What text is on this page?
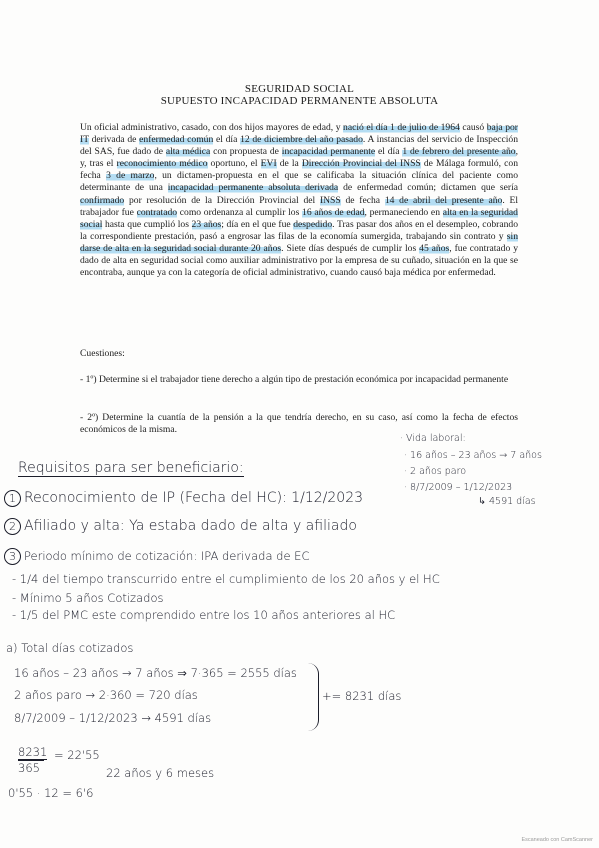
SEGURIDAD SOCIAL
SUPUESTO INCAPACIDAD PERMANENTE ABSOLUTA
Un oficial administrativo, casado, con dos hijos mayores de edad, y nació el día 1 de julio de 1964 causó baja por IT derivada de enfermedad común el día 12 de diciembre del año pasado. A instancias del servicio de Inspección del SAS, fue dado de alta médica con propuesta de incapacidad permanente el día 1 de febrero del presente año, y, tras el reconocimiento médico oportuno, el EVI de la Dirección Provincial del INSS de Málaga formuló, con fecha 3 de marzo, un dictamen-propuesta en el que se calificaba la situación clínica del paciente como determinante de una incapacidad permanente absoluta derivada de enfermedad común; dictamen que sería confirmado por resolución de la Dirección Provincial del INSS de fecha 14 de abril del presente año. El trabajador fue contratado como ordenanza al cumplir los 16 años de edad, permaneciendo en alta en la seguridad social hasta que cumplió los 23 años; día en el que fue despedido. Tras pasar dos años en el desempleo, cobrando la correspondiente prestación, pasó a engrosar las filas de la economía sumergida, trabajando sin contrato y sin darse de alta en la seguridad social durante 20 años. Siete días después de cumplir los 45 años, fue contratado y dado de alta en seguridad social como auxiliar administrativo por la empresa de su cuñado, situación en la que se encontraba, aunque ya con la categoría de oficial administrativo, cuando causó baja médica por enfermedad.
Cuestiones:
- 1º) Determine si el trabajador tiene derecho a algún tipo de prestación económica por incapacidad permanente
- 2º) Determine la cuantía de la pensión a la que tendría derecho, en su caso, así como la fecha de efectos económicos de la misma.
· Vida laboral:
· 16 años – 23 años → 7 años
· 2 años paro
· 8/7/2009 – 1/12/2023
↳ 4591 días
Requisitos para ser beneficiario:
1 Reconocimiento de IP (Fecha del HC): 1/12/2023
2 Afiliado y alta: Ya estaba dado de alta y afiliado
3 Periodo mínimo de cotización: IPA derivada de EC
- 1/4 del tiempo transcurrido entre el cumplimiento de los 20 años y el HC
- Mínimo 5 años Cotizados
- 1/5 del PMC este comprendido entre los 10 años anteriores al HC
a) Total días cotizados
16 años – 23 años → 7 años ⇒ 7·365 = 2555 días
2 años paro → 2·360 = 720 días
8/7/2009 – 1/12/2023 → 4591 días
+= 8231 días
8231 = 22'55
365	22 años y 6 meses
0'55 · 12 = 6'6
Escaneado con CamScanner
